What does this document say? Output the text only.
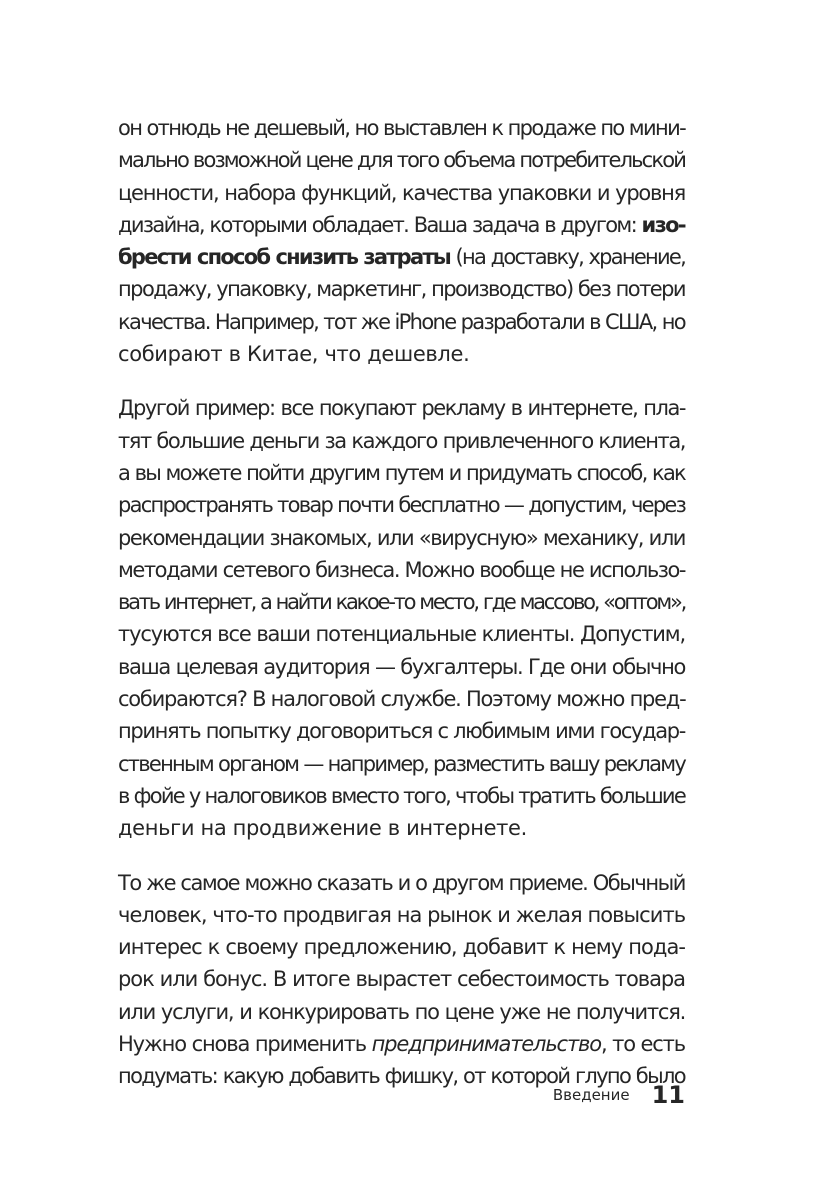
он отнюдь не дешевый, но выставлен к продаже по мини-
мально возможной цене для того объема потребительской
ценности, набора функций, качества упаковки и уровня
дизайна, которыми обладает. Ваша задача в другом: изо-
брести способ снизить затраты (на доставку, хранение,
продажу, упаковку, маркетинг, производство) без потери
качества. Например, тот же iPhone разработали в США, но
собирают в Китае, что дешевле.
Другой пример: все покупают рекламу в интернете, пла-
тят большие деньги за каждого привлеченного клиента,
а вы можете пойти другим путем и придумать способ, как
распространять товар почти бесплатно — допустим, через
рекомендации знакомых, или «вирусную» механику, или
методами сетевого бизнеса. Можно вообще не использо-
вать интернет, а найти какое-то место, где массово, «оптом»,
тусуются все ваши потенциальные клиенты. Допустим,
ваша целевая аудитория — бухгалтеры. Где они обычно
собираются? В налоговой службе. Поэтому можно пред-
принять попытку договориться с любимым ими государ-
ственным органом — например, разместить вашу рекламу
в фойе у налоговиков вместо того, чтобы тратить большие
деньги на продвижение в интернете.
То же самое можно сказать и о другом приеме. Обычный
человек, что-то продвигая на рынок и желая повысить
интерес к своему предложению, добавит к нему пода-
рок или бонус. В итоге вырастет себестоимость товара
или услуги, и конкурировать по цене уже не получится.
Нужно снова применить предпринимательство, то есть
подумать: какую добавить фишку, от которой глупо было
Введение 11
